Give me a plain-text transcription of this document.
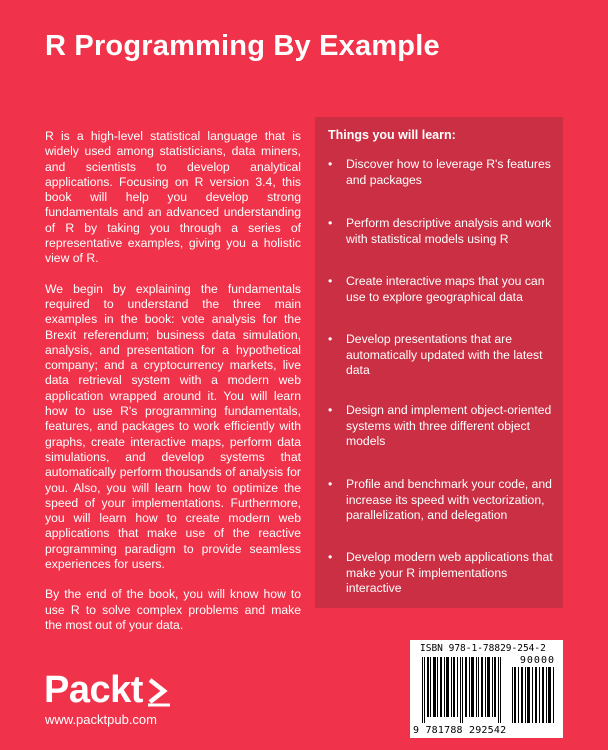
R Programming By Example

R is a high-level statistical language that is widely used among statisticians, data miners, and scientists to develop analytical applications. Focusing on R version 3.4, this book will help you develop strong fundamentals and an advanced understanding of R by taking you through a series of representative examples, giving you a holistic view of R.

We begin by explaining the fundamentals required to understand the three main examples in the book: vote analysis for the Brexit referendum; business data simulation, analysis, and presentation for a hypothetical company; and a cryptocurrency markets, live data retrieval system with a modern web application wrapped around it. You will learn how to use R's programming fundamentals, features, and packages to work efficiently with graphs, create interactive maps, perform data simulations, and develop systems that automatically perform thousands of analysis for you. Also, you will learn how to optimize the speed of your implementations. Furthermore, you will learn how to create modern web applications that make use of the reactive programming paradigm to provide seamless experiences for users.

By the end of the book, you will know how to use R to solve complex problems and make the most out of your data.

Things you will learn:
• Discover how to leverage R's features and packages
• Perform descriptive analysis and work with statistical models using R
• Create interactive maps that you can use to explore geographical data
• Develop presentations that are automatically updated with the latest data
• Design and implement object-oriented systems with three different object models
• Profile and benchmark your code, and increase its speed with vectorization, parallelization, and delegation
• Develop modern web applications that make your R implementations interactive
ISBN 978-1-78829-254-2
90000
9 781788 292542
Packt
www.packtpub.com
